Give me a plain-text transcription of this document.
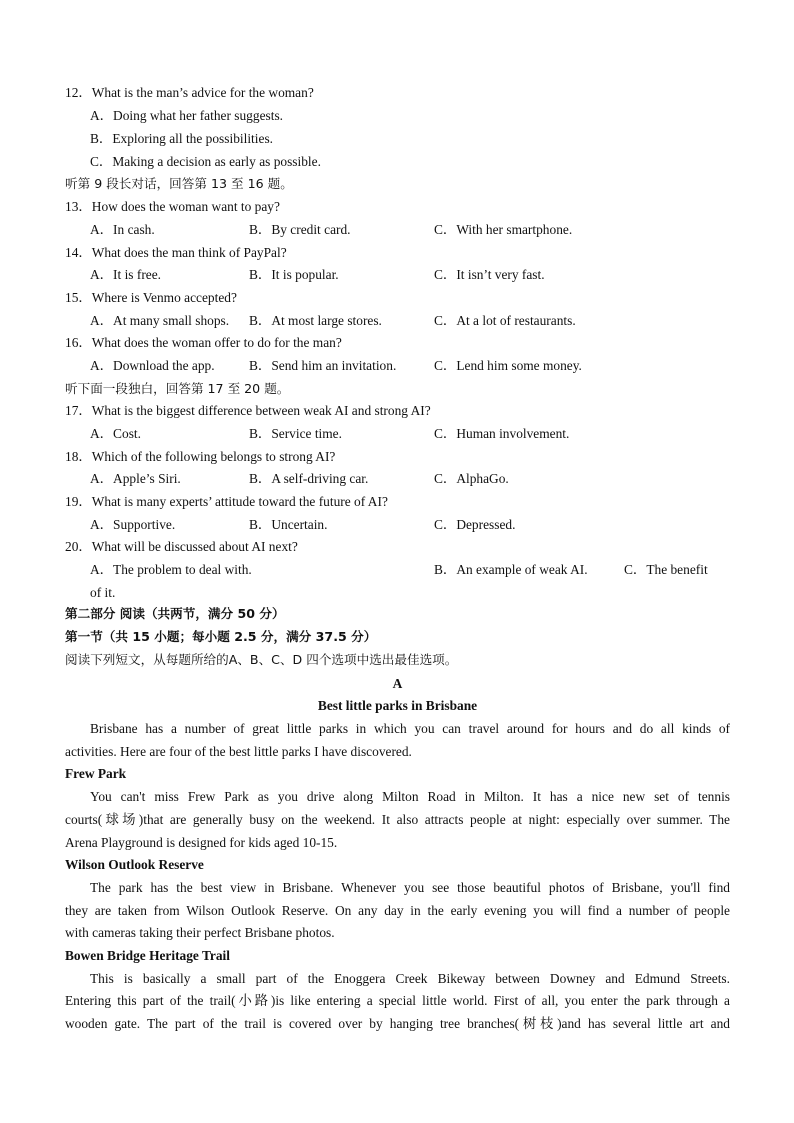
12．What is the man’s advice for the woman?
A．Doing what her father suggests.
B．Exploring all the possibilities.
C．Making a decision as early as possible.
听第 9 段长对话，回答第 13 至 16 题。
13．How does the woman want to pay?
A．In cash.	B．By credit card.	C．With her smartphone.
14．What does the man think of PayPal?
A．It is free.	B．It is popular.	C．It isn’t very fast.
15．Where is Venmo accepted?
A．At many small shops. B．At most large stores.	C．At a lot of restaurants.
16．What does the woman offer to do for the man?
A．Download the app.	B．Send him an invitation.	C．Lend him some money.
听下面一段独白，回答第 17 至 20 题。
17．What is the biggest difference between weak AI and strong AI?
A．Cost.	B．Service time.	C．Human involvement.
18．Which of the following belongs to strong AI?
A．Apple’s Siri.	B．A self-driving car.	C．AlphaGo.
19．What is many experts’ attitude toward the future of AI?
A．Supportive.	B．Uncertain.	C．Depressed.
20．What will be discussed about AI next?
A．The problem to deal with.	B．An example of weak AI.	C．The benefit
of it.
第二部分 阅读（共两节，满分 50 分）
第一节（共 15 小题；每小题 2.5 分，满分 37.5 分）
阅读下列短文，从每题所给的A、B、C、D 四个选项中选出最佳选项。
A
Best little parks in Brisbane
Brisbane has a number of great little parks in which you can travel around for hours and do all kinds of
activities. Here are four of the best little parks I have discovered.
Frew Park
You can't miss Frew Park as you drive along Milton Road in Milton. It has a nice new set of tennis
courts(球场)that are generally busy on the weekend. It also attracts people at night: especially over summer. The
Arena Playground is designed for kids aged 10-15.
Wilson Outlook Reserve
The park has the best view in Brisbane. Whenever you see those beautiful photos of Brisbane, you'll find
they are taken from Wilson Outlook Reserve. On any day in the early evening you will find a number of people
with cameras taking their perfect Brisbane photos.
Bowen Bridge Heritage Trail
This is basically a small part of the Enoggera Creek Bikeway between Downey and Edmund Streets.
Entering this part of the trail(小路)is like entering a special little world. First of all, you enter the park through a
wooden gate. The part of the trail is covered over by hanging tree branches(树枝)and has several little art and
